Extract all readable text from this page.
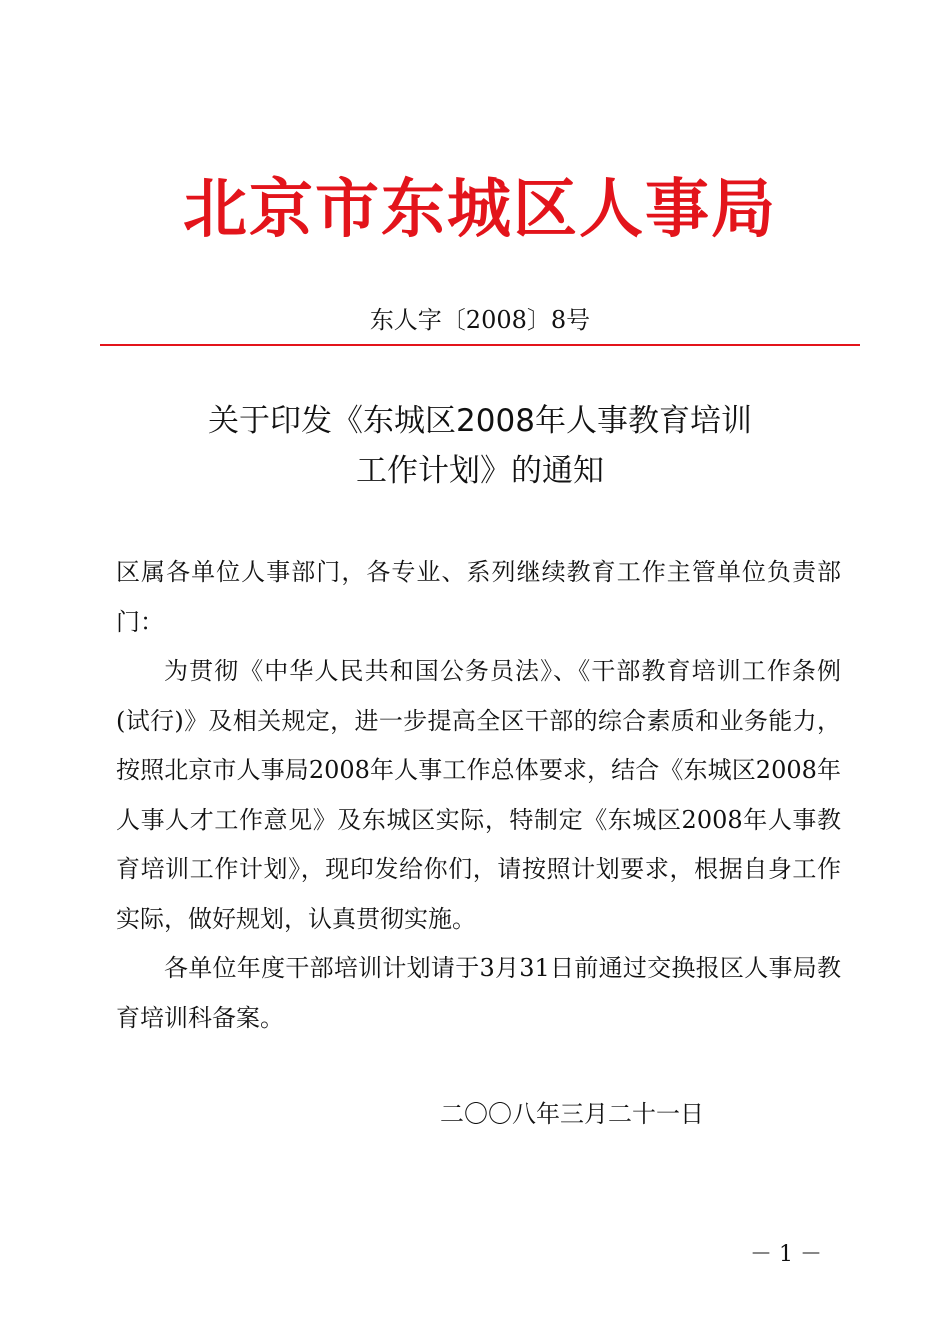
北京市东城区人事局
东人字〔2008〕8号
关于印发《东城区2008年人事教育培训
工作计划》的通知

区属各单位人事部门，各专业、系列继续教育工作主管单位负责部门：

为贯彻《中华人民共和国公务员法》、《干部教育培训工作条例(试行)》及相关规定，进一步提高全区干部的综合素质和业务能力，按照北京市人事局2008年人事工作总体要求，结合《东城区2008年人事人才工作意见》及东城区实际，特制定《东城区2008年人事教育培训工作计划》，现印发给你们，请按照计划要求，根据自身工作实际，做好规划，认真贯彻实施。

各单位年度干部培训计划请于3月31日前通过交换报区人事局教育培训科备案。

二〇〇八年三月二十一日
－ 1 －
